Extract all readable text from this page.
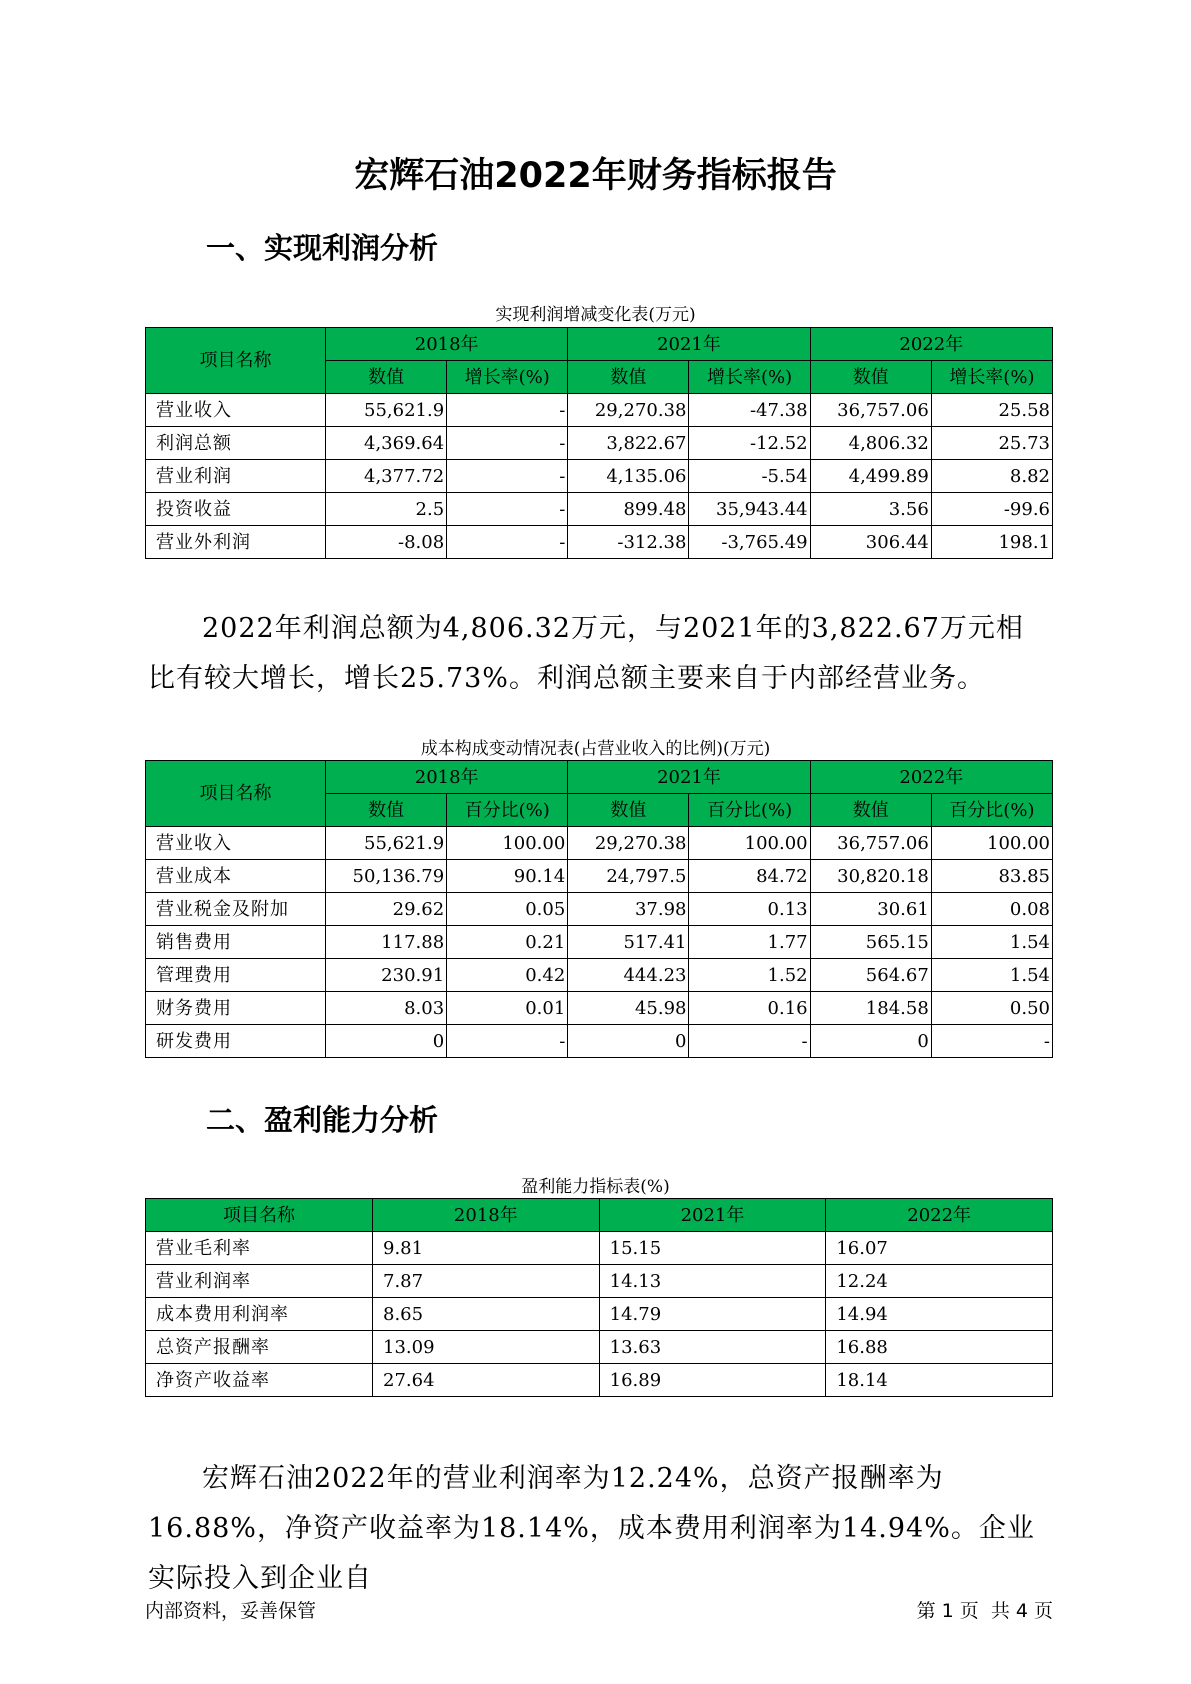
宏辉石油2022年财务指标报告
一、实现利润分析
实现利润增减变化表(万元)
项目名称	2018年		2021年		2022年	
	数值	增长率(%)	数值	增长率(%)	数值	增长率(%)
营业收入	55,621.9	-	29,270.38	-47.38	36,757.06	25.58
利润总额	4,369.64	-	3,822.67	-12.52	4,806.32	25.73
营业利润	4,377.72	-	4,135.06	-5.54	4,499.89	8.82
投资收益	2.5	-	899.48	35,943.44	3.56	-99.6
营业外利润	-8.08	-	-312.38	-3,765.49	306.44	198.1
2022年利润总额为4,806.32万元，与2021年的3,822.67万元相比有较大增长，增长25.73%。利润总额主要来自于内部经营业务。
成本构成变动情况表(占营业收入的比例)(万元)
项目名称	2018年		2021年		2022年	
	数值	百分比(%)	数值	百分比(%)	数值	百分比(%)
营业收入	55,621.9	100.00	29,270.38	100.00	36,757.06	100.00
营业成本	50,136.79	90.14	24,797.5	84.72	30,820.18	83.85
营业税金及附加	29.62	0.05	37.98	0.13	30.61	0.08
销售费用	117.88	0.21	517.41	1.77	565.15	1.54
管理费用	230.91	0.42	444.23	1.52	564.67	1.54
财务费用	8.03	0.01	45.98	0.16	184.58	0.50
研发费用	0	-	0	-	0	-
二、盈利能力分析
盈利能力指标表(%)
项目名称	2018年	2021年	2022年
营业毛利率	9.81	15.15	16.07
营业利润率	7.87	14.13	12.24
成本费用利润率	8.65	14.79	14.94
总资产报酬率	13.09	13.63	16.88
净资产收益率	27.64	16.89	18.14
宏辉石油2022年的营业利润率为12.24%，总资产报酬率为16.88%，净资产收益率为18.14%，成本费用利润率为14.94%。企业实际投入到企业自
内部资料，妥善保管	第 1 页  共 4 页
